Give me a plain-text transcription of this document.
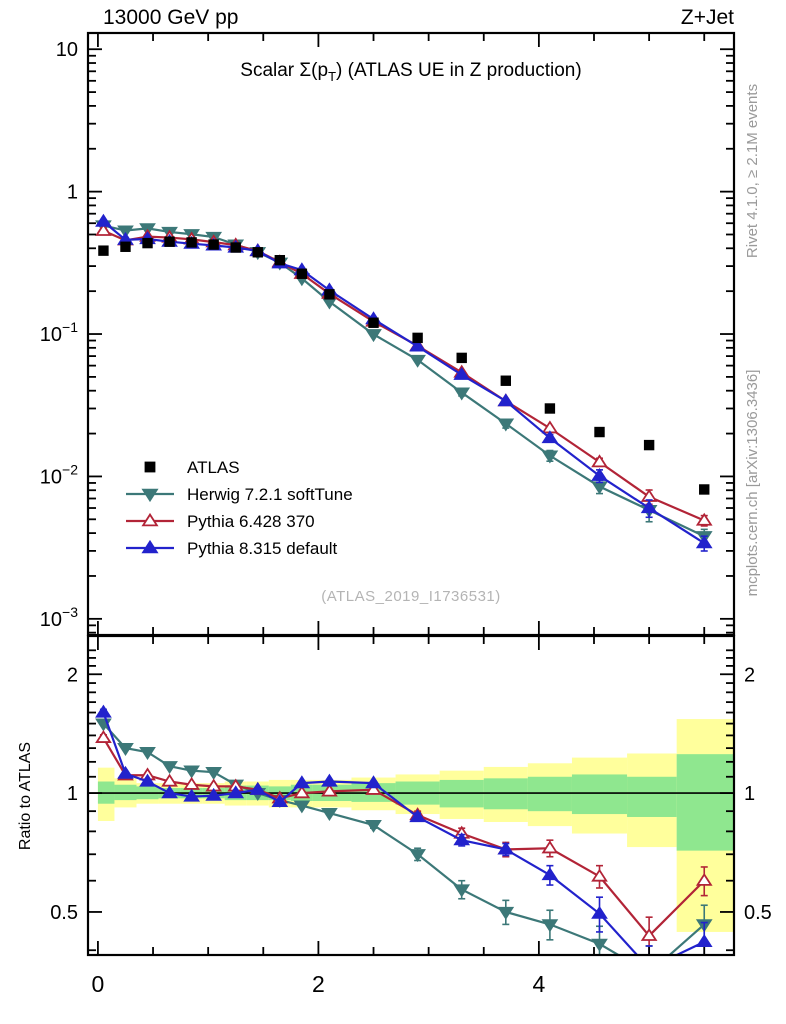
0	2	4
10
1
$10^{-1}$
$10^{-2}$
$10^{-3}$
2	2
1	1
0.5	0.5
ATLAS
Herwig 7.2.1 softTune
Pythia 6.428 370
Pythia 8.315 default
13000 GeV pp	Z+Jet
Scalar $\Sigma(p_T)$ (ATLAS UE in Z production)
(ATLAS_2019_I1736531)
Ratio to ATLAS
Rivet 4.1.0, ≥ 2.1M events
mcplots.cern.ch [arXiv:1306.3436]
